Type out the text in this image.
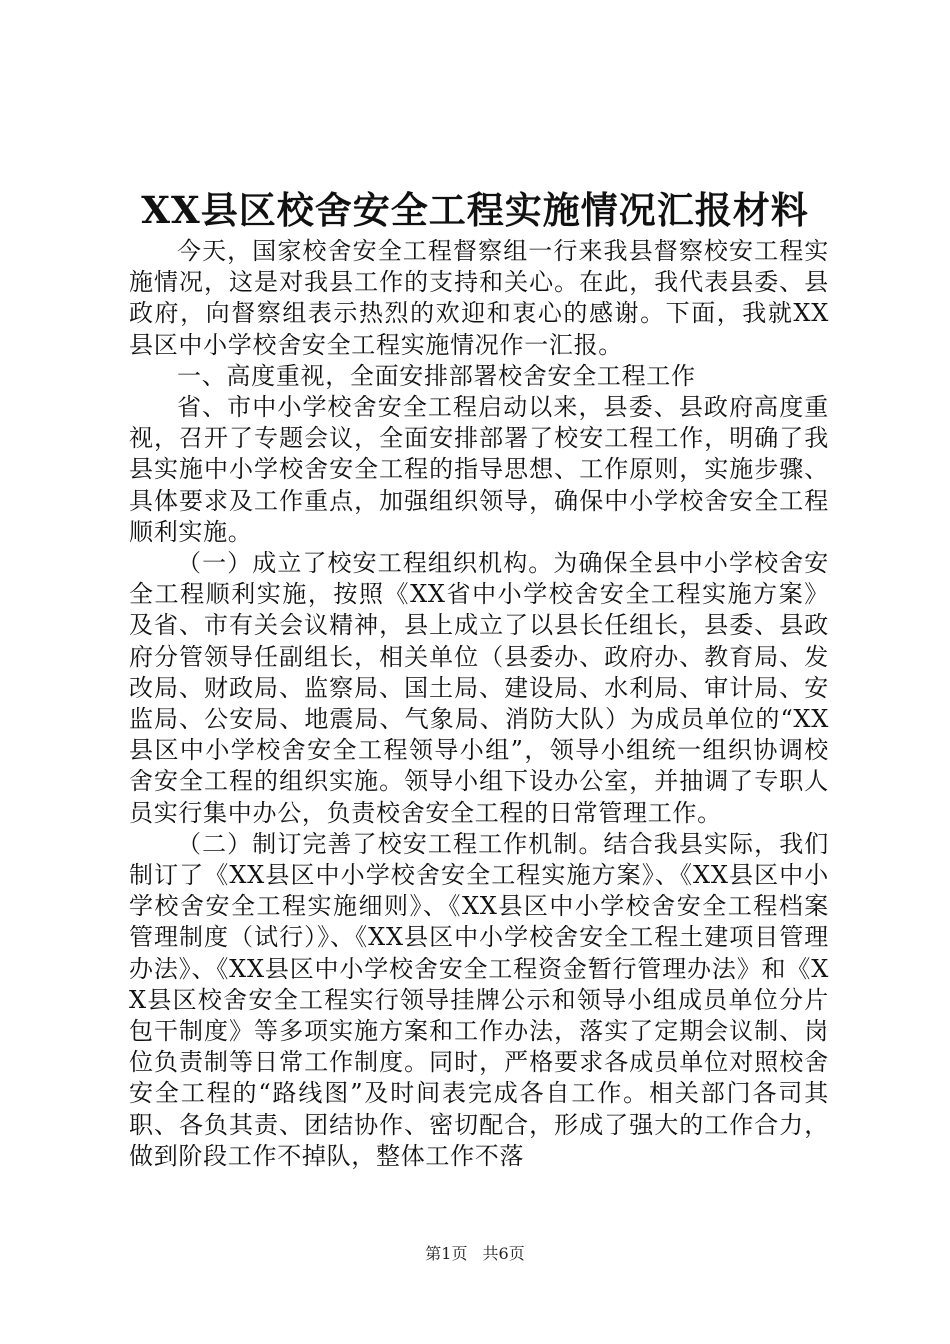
XX县区校舍安全工程实施情况汇报材料

今天，国家校舍安全工程督察组一行来我县督察校安工程实施情况，这是对我县工作的支持和关心。在此，我代表县委、县政府，向督察组表示热烈的欢迎和衷心的感谢。下面，我就XX县区中小学校舍安全工程实施情况作一汇报。

一、高度重视，全面安排部署校舍安全工程工作

省、市中小学校舍安全工程启动以来，县委、县政府高度重视，召开了专题会议，全面安排部署了校安工程工作，明确了我县实施中小学校舍安全工程的指导思想、工作原则，实施步骤、具体要求及工作重点，加强组织领导，确保中小学校舍安全工程顺利实施。

（一）成立了校安工程组织机构。为确保全县中小学校舍安全工程顺利实施，按照《XX省中小学校舍安全工程实施方案》及省、市有关会议精神，县上成立了以县长任组长，县委、县政府分管领导任副组长，相关单位（县委办、政府办、教育局、发改局、财政局、监察局、国土局、建设局、水利局、审计局、安监局、公安局、地震局、气象局、消防大队）为成员单位的“XX县区中小学校舍安全工程领导小组”，领导小组统一组织协调校舍安全工程的组织实施。领导小组下设办公室，并抽调了专职人员实行集中办公，负责校舍安全工程的日常管理工作。

（二）制订完善了校安工程工作机制。结合我县实际，我们制订了《XX县区中小学校舍安全工程实施方案》、《XX县区中小学校舍安全工程实施细则》、《XX县区中小学校舍安全工程档案管理制度（试行）》、《XX县区中小学校舍安全工程土建项目管理办法》、《XX县区中小学校舍安全工程资金暂行管理办法》和《XX县区校舍安全工程实行领导挂牌公示和领导小组成员单位分片包干制度》等多项实施方案和工作办法，落实了定期会议制、岗位负责制等日常工作制度。同时，严格要求各成员单位对照校舍安全工程的“路线图”及时间表完成各自工作。相关部门各司其职、各负其责、团结协作、密切配合，形成了强大的工作合力，做到阶段工作不掉队，整体工作不落

第1页 共6页
